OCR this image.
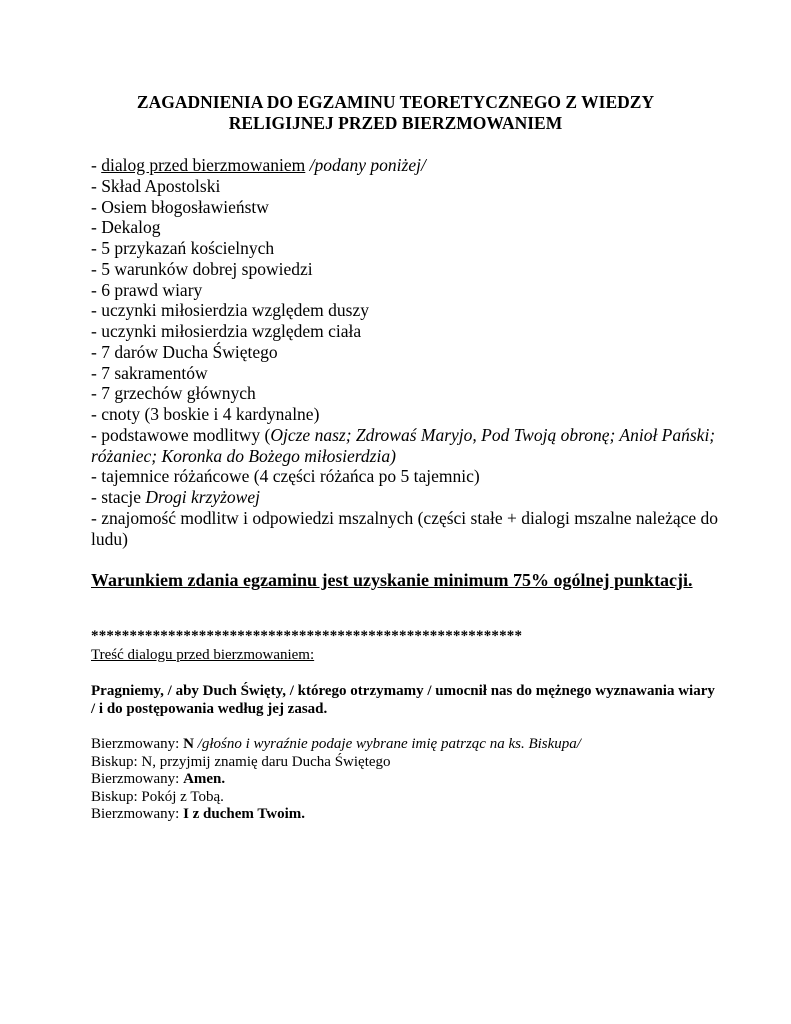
ZAGADNIENIA DO EGZAMINU TEORETYCZNEGO Z WIEDZY
RELIGIJNEJ PRZED BIERZMOWANIEM
- dialog przed bierzmowaniem /podany poniżej/
- Skład Apostolski
- Osiem błogosławieństw
- Dekalog
- 5 przykazań kościelnych
- 5 warunków dobrej spowiedzi
- 6 prawd wiary
- uczynki miłosierdzia względem duszy
- uczynki miłosierdzia względem ciała
- 7 darów Ducha Świętego
- 7 sakramentów
- 7 grzechów głównych
- cnoty (3 boskie i 4 kardynalne)
- podstawowe modlitwy (Ojcze nasz; Zdrowaś Maryjo, Pod Twoją obronę; Anioł Pański; różaniec; Koronka do Bożego miłosierdzia)
- tajemnice różańcowe (4 części różańca po 5 tajemnic)
- stacje Drogi krzyżowej
- znajomość modlitw i odpowiedzi mszalnych (części stałe + dialogi mszalne należące do ludu)
Warunkiem zdania egzaminu jest uzyskanie minimum 75% ogólnej punktacji.
********************************************************
Treść dialogu przed bierzmowaniem:
Pragniemy, / aby Duch Święty, / którego otrzymamy / umocnił nas do mężnego wyznawania wiary / i do postępowania według jej zasad.
Bierzmowany: N /głośno i wyraźnie podaje wybrane imię patrząc na ks. Biskupa/
Biskup: N, przyjmij znamię daru Ducha Świętego
Bierzmowany: Amen.
Biskup: Pokój z Tobą.
Bierzmowany: I z duchem Twoim.
